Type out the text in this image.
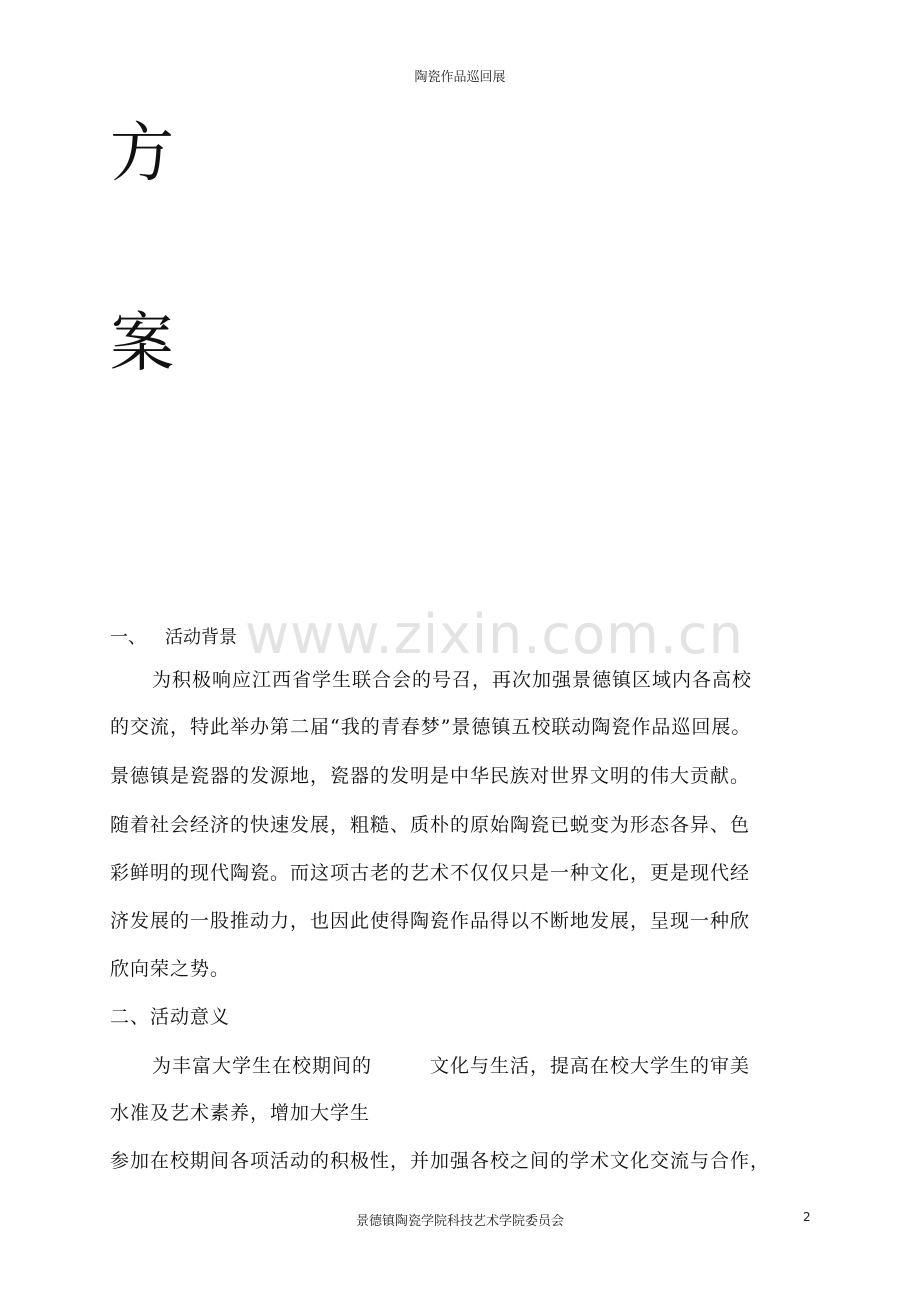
陶瓷作品巡回展
方
案
www.zixin.com.cn
一、 活动背景
为积极响应江西省学生联合会的号召，再次加强景德镇区域内各高校
的交流，特此举办第二届“我的青春梦”景德镇五校联动陶瓷作品巡回展。
景德镇是瓷器的发源地，瓷器的发明是中华民族对世界文明的伟大贡献。
随着社会经济的快速发展，粗糙、质朴的原始陶瓷已蜕变为形态各异、色
彩鲜明的现代陶瓷。而这项古老的艺术不仅仅只是一种文化，更是现代经
济发展的一股推动力，也因此使得陶瓷作品得以不断地发展，呈现一种欣
欣向荣之势。
二、活动意义
为丰富大学生在校期间的	文化与生活，提高在校大学生的审美
水准及艺术素养，增加大学生
参加在校期间各项活动的积极性，并加强各校之间的学术文化交流与合作，
景德镇陶瓷学院科技艺术学院委员会	2
